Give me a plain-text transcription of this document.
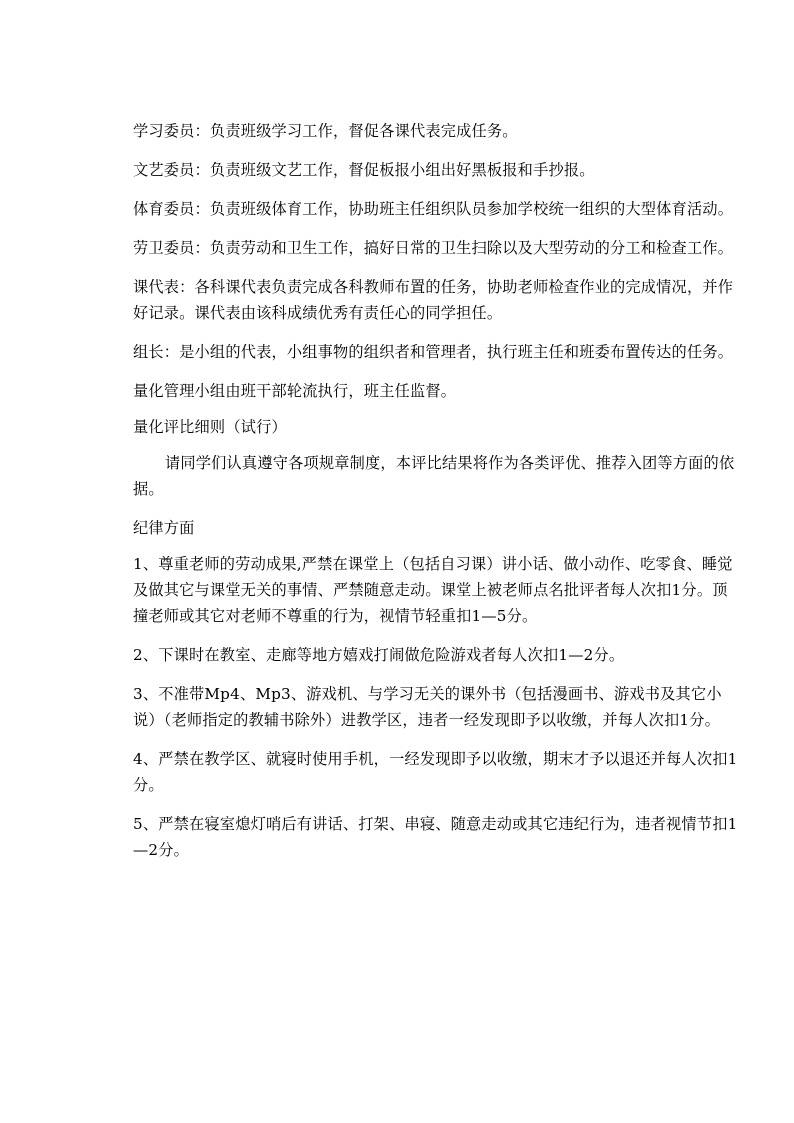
学习委员：负责班级学习工作，督促各课代表完成任务。

文艺委员：负责班级文艺工作，督促板报小组出好黑板报和手抄报。

体育委员：负责班级体育工作，协助班主任组织队员参加学校统一组织的大型体育活动。

劳卫委员：负责劳动和卫生工作，搞好日常的卫生扫除以及大型劳动的分工和检查工作。

课代表：各科课代表负责完成各科教师布置的任务，协助老师检查作业的完成情况，并作好记录。课代表由该科成绩优秀有责任心的同学担任。

组长：是小组的代表，小组事物的组织者和管理者，执行班主任和班委布置传达的任务。

量化管理小组由班干部轮流执行，班主任监督。

量化评比细则（试行）

请同学们认真遵守各项规章制度，本评比结果将作为各类评优、推荐入团等方面的依据。

纪律方面

1、尊重老师的劳动成果,严禁在课堂上（包括自习课）讲小话、做小动作、吃零食、睡觉及做其它与课堂无关的事情、严禁随意走动。课堂上被老师点名批评者每人次扣1分。顶撞老师或其它对老师不尊重的行为，视情节轻重扣1—5分。

2、下课时在教室、走廊等地方嬉戏打闹做危险游戏者每人次扣1—2分。

3、不准带Mp4、Mp3、游戏机、与学习无关的课外书（包括漫画书、游戏书及其它小说）（老师指定的教辅书除外）进教学区，违者一经发现即予以收缴，并每人次扣1分。

4、严禁在教学区、就寝时使用手机，一经发现即予以收缴，期末才予以退还并每人次扣1分。

5、严禁在寝室熄灯哨后有讲话、打架、串寝、随意走动或其它违纪行为，违者视情节扣1—2分。
